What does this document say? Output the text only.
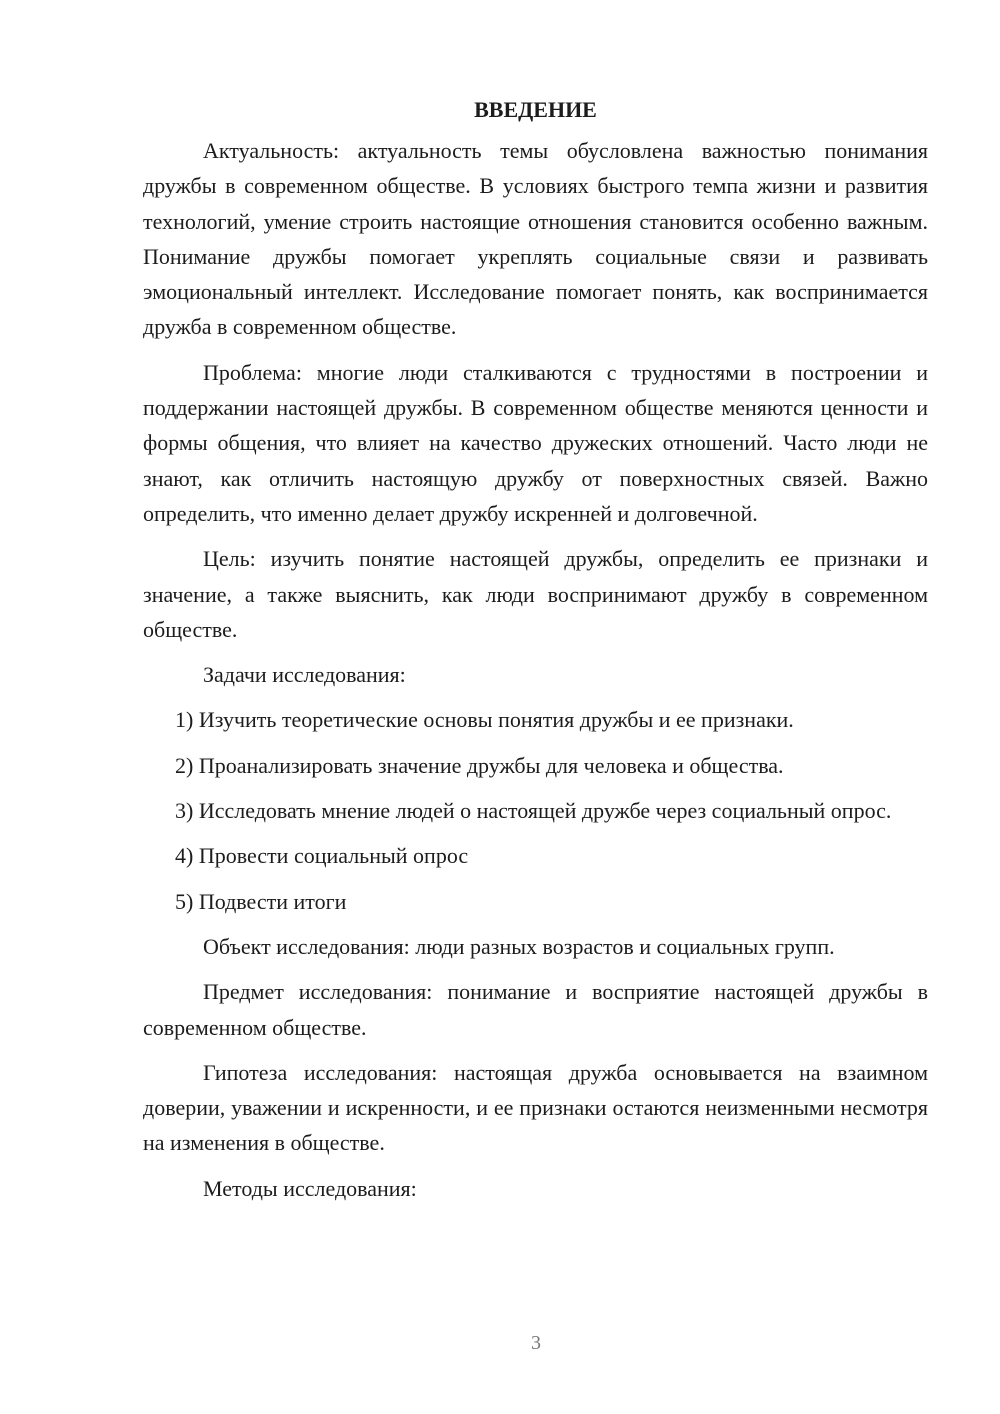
ВВЕДЕНИЕ

Актуальность: актуальность темы обусловлена важностью понимания дружбы в современном обществе. В условиях быстрого темпа жизни и развития технологий, умение строить настоящие отношения становится особенно важным. Понимание дружбы помогает укреплять социальные связи и развивать эмоциональный интеллект. Исследование помогает понять, как воспринимается дружба в современном обществе.

Проблема: многие люди сталкиваются с трудностями в построении и поддержании настоящей дружбы. В современном обществе меняются ценности и формы общения, что влияет на качество дружеских отношений. Часто люди не знают, как отличить настоящую дружбу от поверхностных связей. Важно определить, что именно делает дружбу искренней и долговечной.

Цель: изучить понятие настоящей дружбы, определить ее признаки и значение, а также выяснить, как люди воспринимают дружбу в современном обществе.

Задачи исследования:

1) Изучить теоретические основы понятия дружбы и ее признаки.

2) Проанализировать значение дружбы для человека и общества.

3) Исследовать мнение людей о настоящей дружбе через социальный опрос.

4) Провести социальный опрос

5) Подвести итоги

Объект исследования: люди разных возрастов и социальных групп.

Предмет исследования: понимание и восприятие настоящей дружбы в современном обществе.

Гипотеза исследования: настоящая дружба основывается на взаимном доверии, уважении и искренности, и ее признаки остаются неизменными несмотря на изменения в обществе.

Методы исследования:

3
